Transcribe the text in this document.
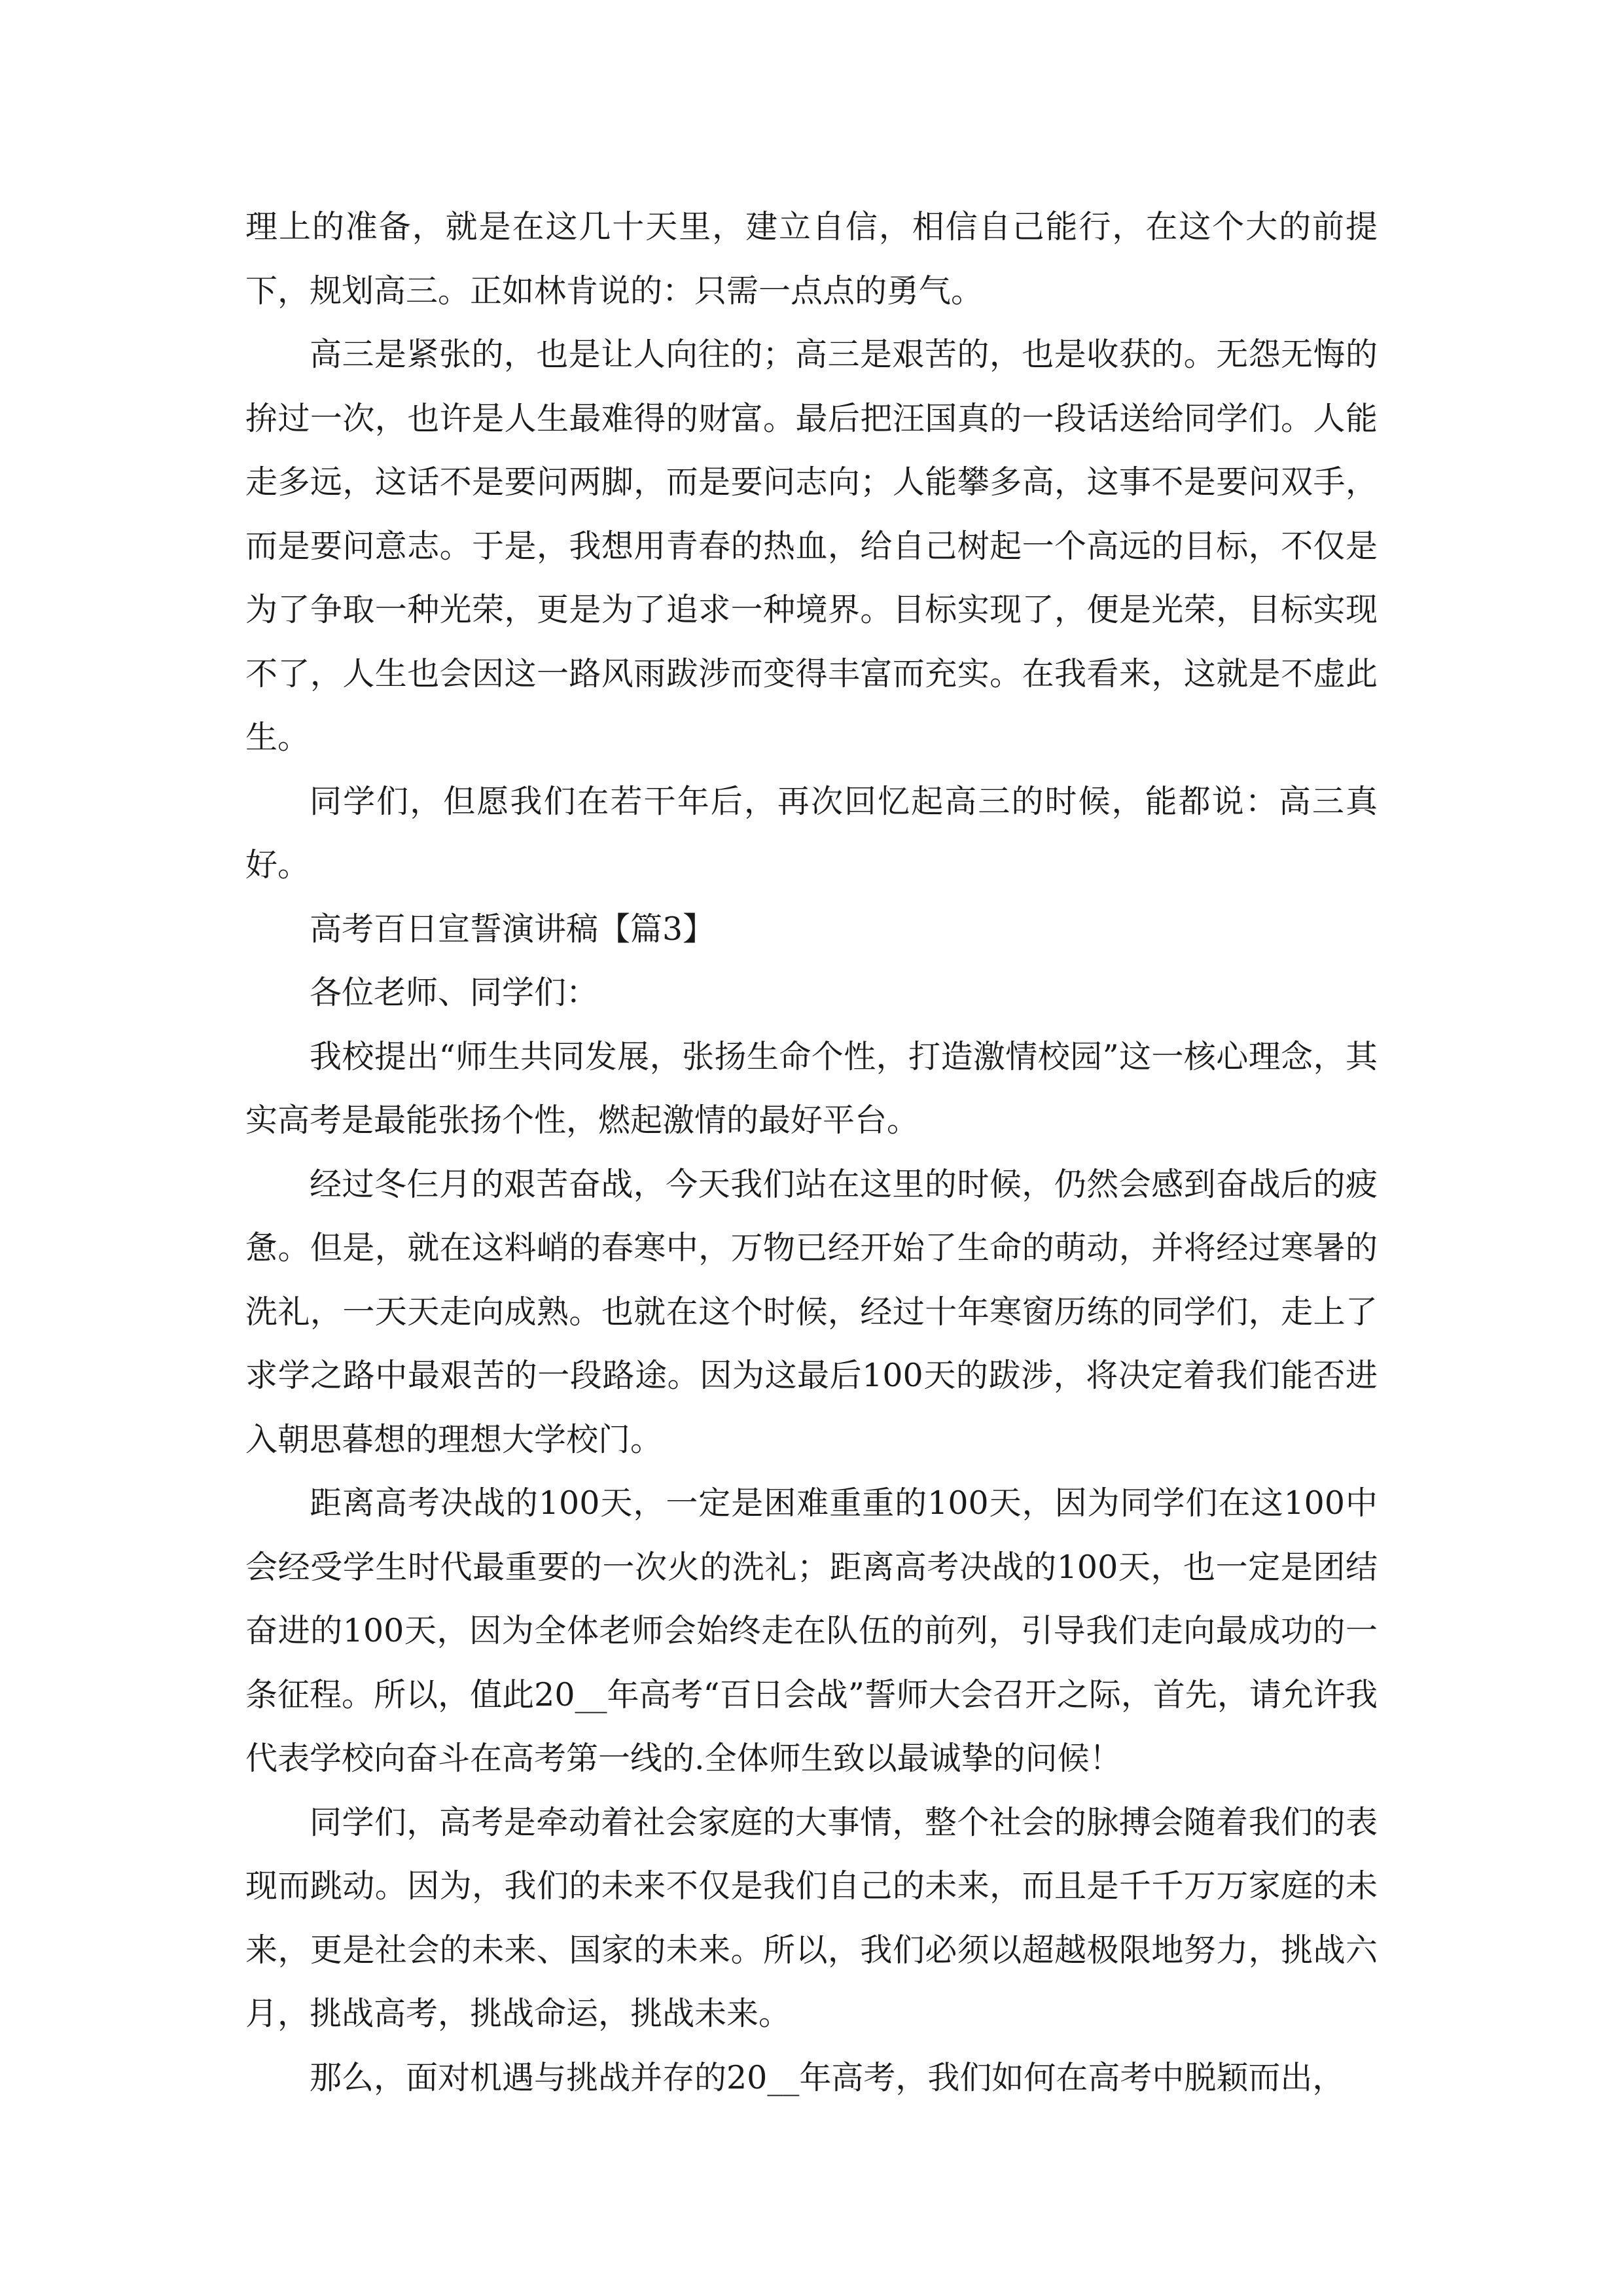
理上的准备，就是在这几十天里，建立自信，相信自己能行，在这个大的前提下，规划高三。正如林肯说的：只需一点点的勇气。

高三是紧张的，也是让人向往的；高三是艰苦的，也是收获的。无怨无悔的拚过一次，也许是人生最难得的财富。最后把汪国真的一段话送给同学们。人能走多远，这话不是要问两脚，而是要问志向；人能攀多高，这事不是要问双手，而是要问意志。于是，我想用青春的热血，给自己树起一个高远的目标，不仅是为了争取一种光荣，更是为了追求一种境界。目标实现了，便是光荣，目标实现不了，人生也会因这一路风雨跋涉而变得丰富而充实。在我看来，这就是不虚此生。

同学们，但愿我们在若干年后，再次回忆起高三的时候，能都说：高三真好。

高考百日宣誓演讲稿【篇3】

各位老师、同学们：

我校提出“师生共同发展，张扬生命个性，打造激情校园”这一核心理念，其实高考是最能张扬个性，燃起激情的最好平台。

经过冬仨月的艰苦奋战，今天我们站在这里的时候，仍然会感到奋战后的疲惫。但是，就在这料峭的春寒中，万物已经开始了生命的萌动，并将经过寒暑的洗礼，一天天走向成熟。也就在这个时候，经过十年寒窗历练的同学们，走上了求学之路中最艰苦的一段路途。因为这最后100天的跋涉，将决定着我们能否进入朝思暮想的理想大学校门。

距离高考决战的100天，一定是困难重重的100天，因为同学们在这100中会经受学生时代最重要的一次火的洗礼；距离高考决战的100天，也一定是团结奋进的100天，因为全体老师会始终走在队伍的前列，引导我们走向最成功的一条征程。所以，值此20__年高考“百日会战”誓师大会召开之际，首先，请允许我代表学校向奋斗在高考第一线的.全体师生致以最诚挚的问候！

同学们，高考是牵动着社会家庭的大事情，整个社会的脉搏会随着我们的表现而跳动。因为，我们的未来不仅是我们自己的未来，而且是千千万万家庭的未来，更是社会的未来、国家的未来。所以，我们必须以超越极限地努力，挑战六月，挑战高考，挑战命运，挑战未来。

那么，面对机遇与挑战并存的20__年高考，我们如何在高考中脱颖而出，
